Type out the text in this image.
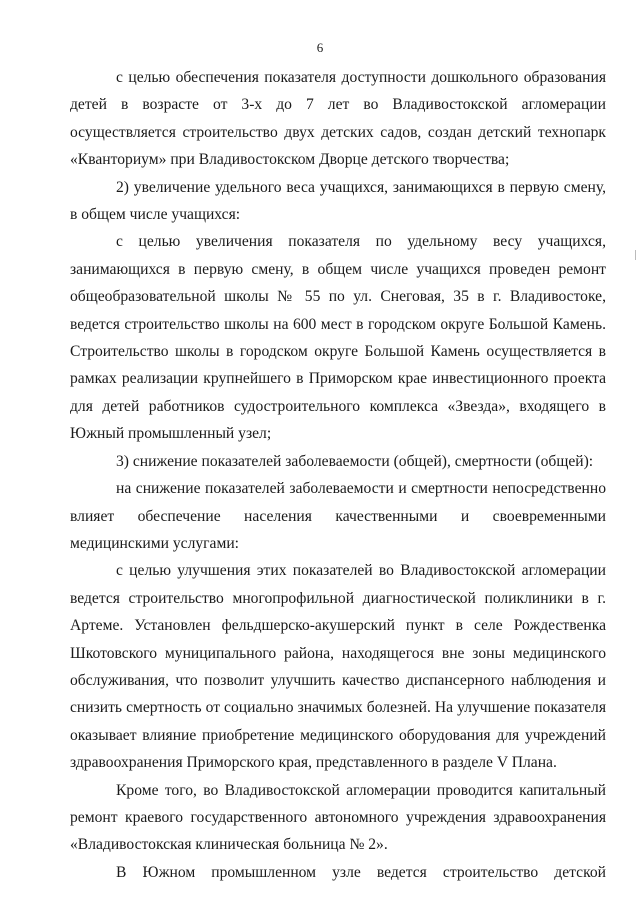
6

с целью обеспечения показателя доступности дошкольного образования детей в возрасте от 3-х до 7 лет во Владивостокской агломерации осуществляется строительство двух детских садов, создан детский технопарк «Кванториум» при Владивостокском Дворце детского творчества;

2) увеличение удельного веса учащихся, занимающихся в первую смену, в общем числе учащихся:

с целью увеличения показателя по удельному весу учащихся, занимающихся в первую смену, в общем числе учащихся проведен ремонт общеобразовательной школы № 55 по ул. Снеговая, 35 в г. Владивостоке, ведется строительство школы на 600 мест в городском округе Большой Камень. Строительство школы в городском округе Большой Камень осуществляется в рамках реализации крупнейшего в Приморском крае инвестиционного проекта для детей работников судостроительного комплекса «Звезда», входящего в Южный промышленный узел;

3) снижение показателей заболеваемости (общей), смертности (общей):

на снижение показателей заболеваемости и смертности непосредственно влияет обеспечение населения качественными и своевременными медицинскими услугами:

с целью улучшения этих показателей во Владивостокской агломерации ведется строительство многопрофильной диагностической поликлиники в г. Артеме. Установлен фельдшерско-акушерский пункт в селе Рождественка Шкотовского муниципального района, находящегося вне зоны медицинского обслуживания, что позволит улучшить качество диспансерного наблюдения и снизить смертность от социально значимых болезней. На улучшение показателя оказывает влияние приобретение медицинского оборудования для учреждений здравоохранения Приморского края, представленного в разделе V Плана.

Кроме того, во Владивостокской агломерации проводится капитальный ремонт краевого государственного автономного учреждения здравоохранения «Владивостокская клиническая больница № 2».

В Южном промышленном узле ведется строительство детской
